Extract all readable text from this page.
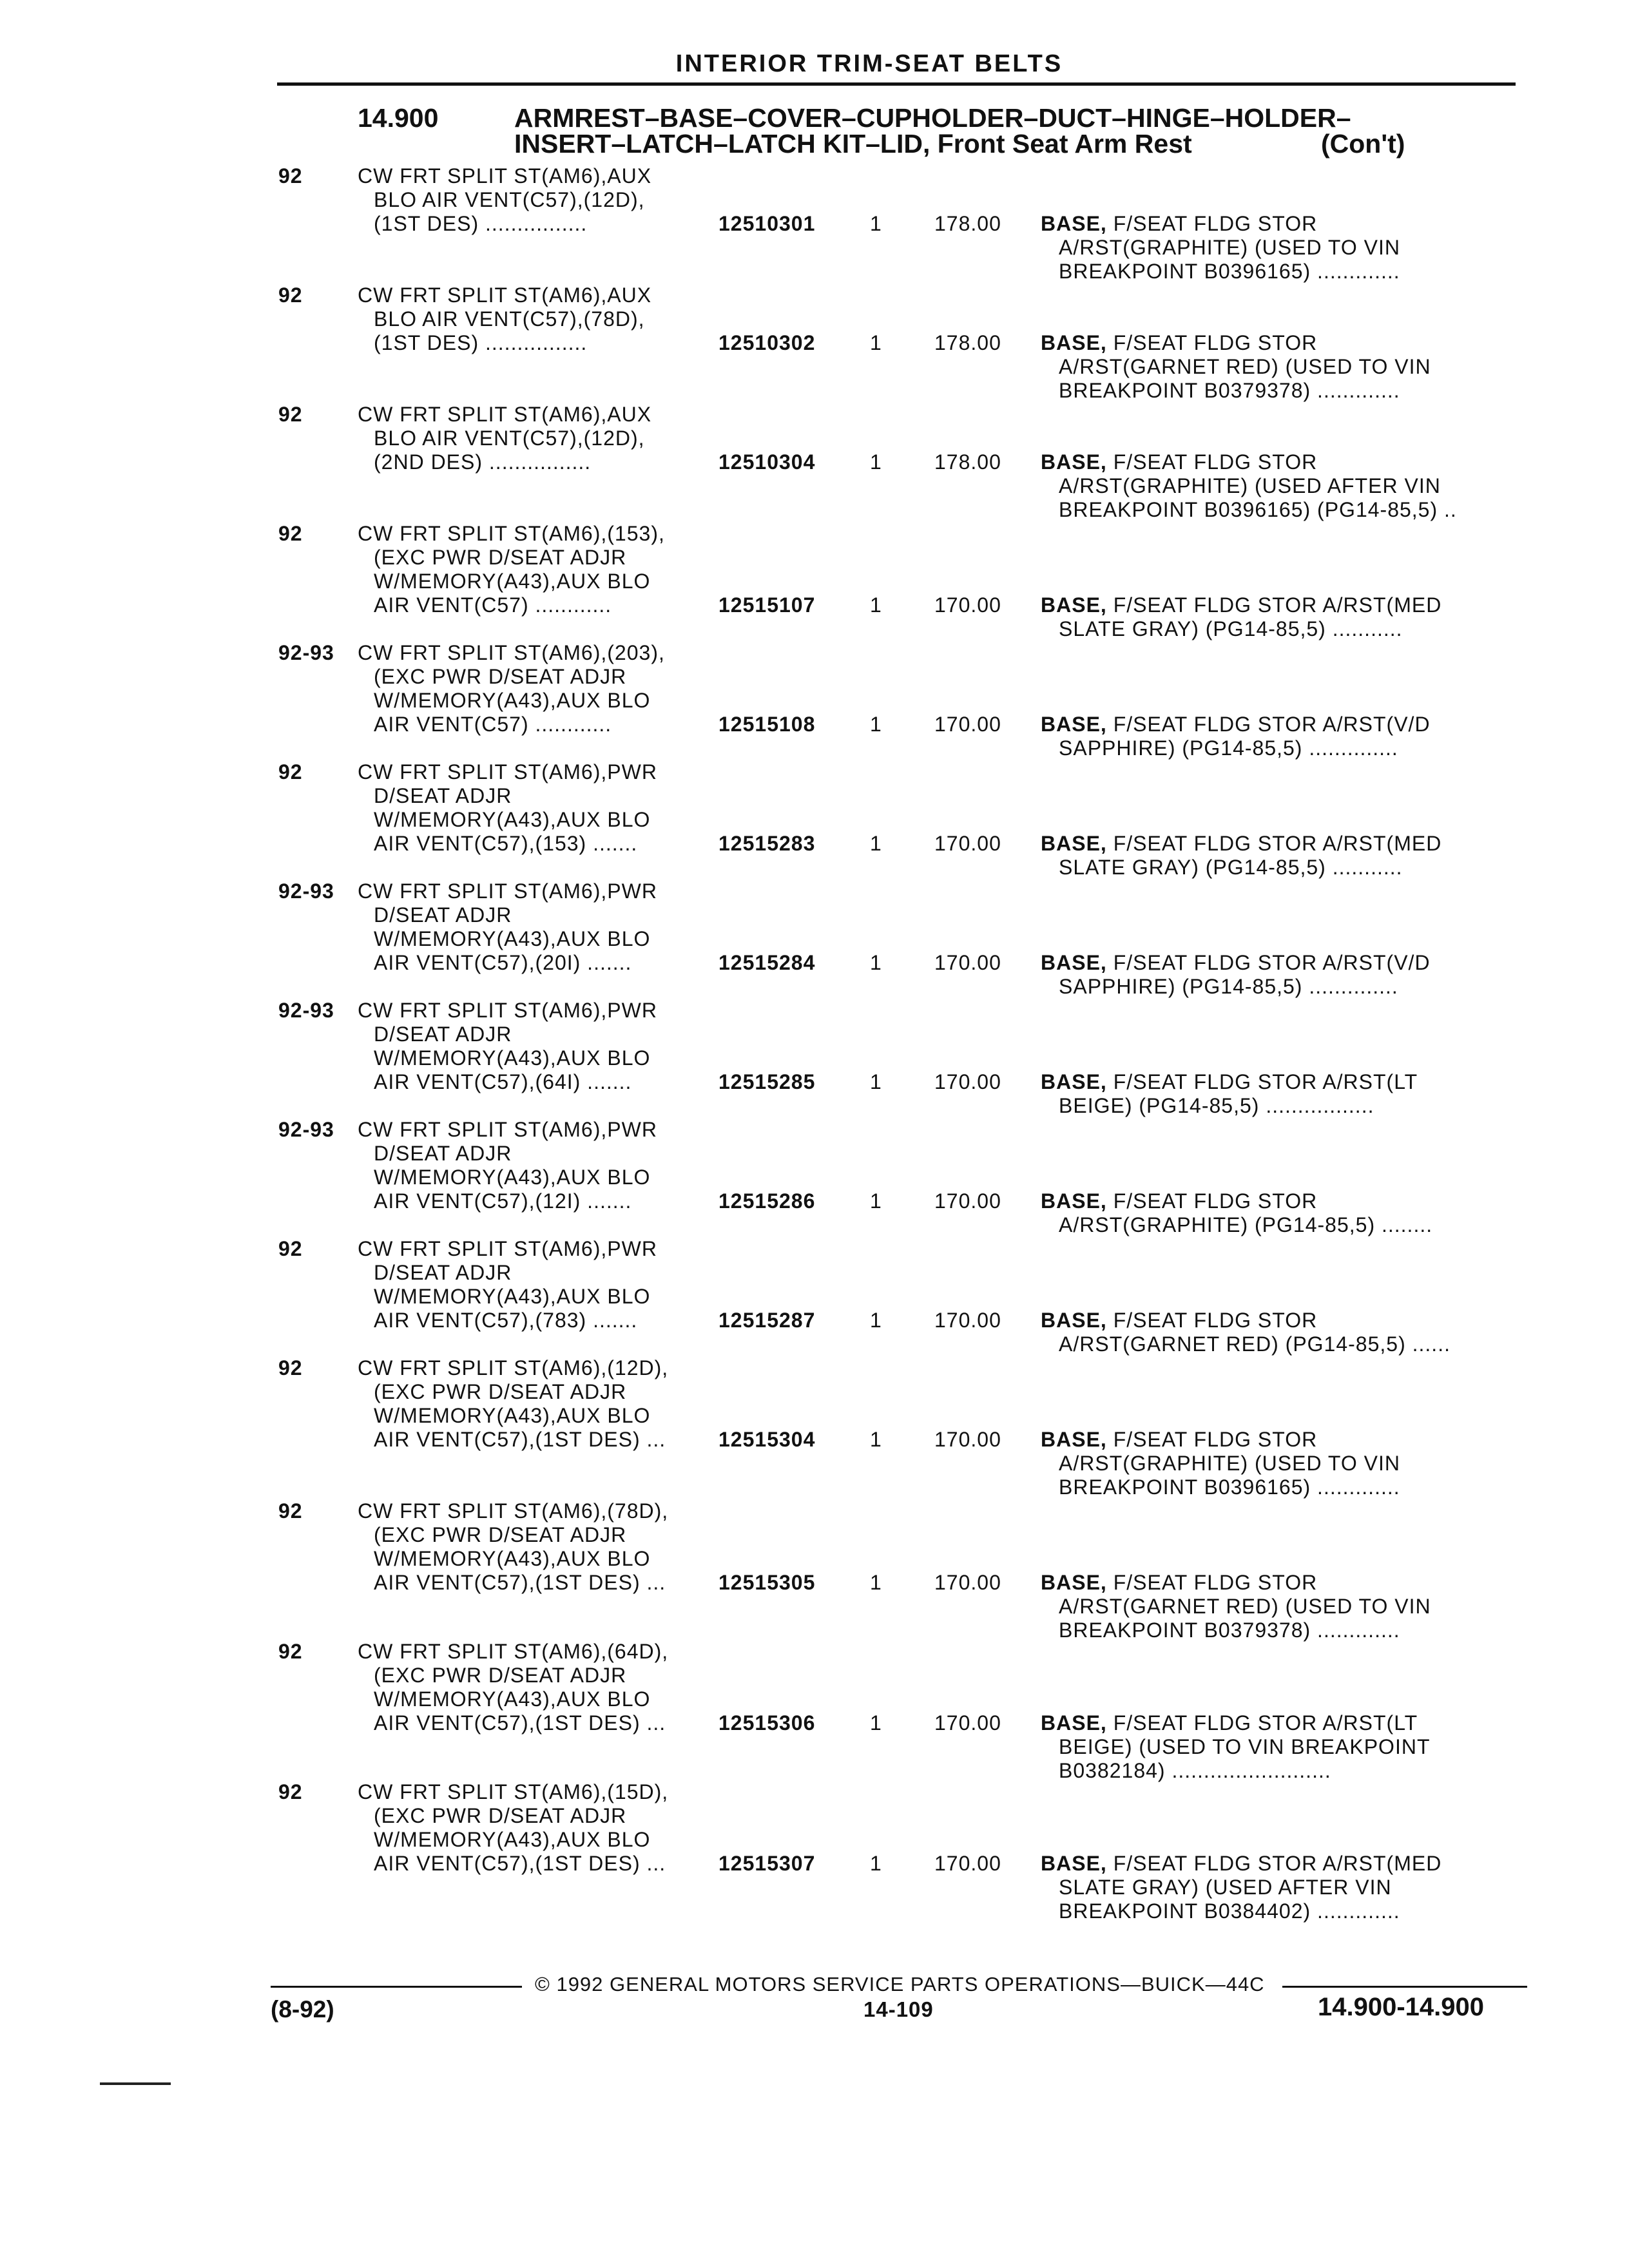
INTERIOR TRIM-SEAT BELTS
14.900	ARMREST–BASE–COVER–CUPHOLDER–DUCT–HINGE–HOLDER–
INSERT–LATCH–LATCH KIT–LID, Front Seat Arm Rest	(Con't)
92	CW FRT SPLIT ST(AM6),AUX
BLO AIR VENT(C57),(12D),
(1ST DES) ................	12510301	1	178.00 BASE, F/SEAT FLDG STOR
A/RST(GRAPHITE) (USED TO VIN
BREAKPOINT B0396165) .............
92	CW FRT SPLIT ST(AM6),AUX
BLO AIR VENT(C57),(78D),
(1ST DES) ................	12510302	1	178.00 BASE, F/SEAT FLDG STOR
A/RST(GARNET RED) (USED TO VIN
BREAKPOINT B0379378) .............
92	CW FRT SPLIT ST(AM6),AUX
BLO AIR VENT(C57),(12D),
(2ND DES) ................	12510304	1	178.00 BASE, F/SEAT FLDG STOR
A/RST(GRAPHITE) (USED AFTER VIN
BREAKPOINT B0396165) (PG14-85,5) ..
92	CW FRT SPLIT ST(AM6),(153),
(EXC PWR D/SEAT ADJR
W/MEMORY(A43),AUX BLO
AIR VENT(C57) ............	12515107	1	170.00 BASE, F/SEAT FLDG STOR A/RST(MED
SLATE GRAY) (PG14-85,5) ...........
92-93 CW FRT SPLIT ST(AM6),(203),
(EXC PWR D/SEAT ADJR
W/MEMORY(A43),AUX BLO
AIR VENT(C57) ............	12515108	1	170.00 BASE, F/SEAT FLDG STOR A/RST(V/D
SAPPHIRE) (PG14-85,5) ..............
92	CW FRT SPLIT ST(AM6),PWR
D/SEAT ADJR
W/MEMORY(A43),AUX BLO
AIR VENT(C57),(153) .......	12515283	1	170.00 BASE, F/SEAT FLDG STOR A/RST(MED
SLATE GRAY) (PG14-85,5) ...........
92-93 CW FRT SPLIT ST(AM6),PWR
D/SEAT ADJR
W/MEMORY(A43),AUX BLO
AIR VENT(C57),(20I) .......	12515284	1	170.00 BASE, F/SEAT FLDG STOR A/RST(V/D
SAPPHIRE) (PG14-85,5) ..............
92-93 CW FRT SPLIT ST(AM6),PWR
D/SEAT ADJR
W/MEMORY(A43),AUX BLO
AIR VENT(C57),(64I) .......	12515285	1	170.00 BASE, F/SEAT FLDG STOR A/RST(LT
BEIGE) (PG14-85,5) .................
92-93 CW FRT SPLIT ST(AM6),PWR
D/SEAT ADJR
W/MEMORY(A43),AUX BLO
AIR VENT(C57),(12I) .......	12515286	1	170.00 BASE, F/SEAT FLDG STOR
A/RST(GRAPHITE) (PG14-85,5) ........
92	CW FRT SPLIT ST(AM6),PWR
D/SEAT ADJR
W/MEMORY(A43),AUX BLO
AIR VENT(C57),(783) .......	12515287	1	170.00 BASE, F/SEAT FLDG STOR
A/RST(GARNET RED) (PG14-85,5) ......
92	CW FRT SPLIT ST(AM6),(12D),
(EXC PWR D/SEAT ADJR
W/MEMORY(A43),AUX BLO
AIR VENT(C57),(1ST DES) ...	12515304	1	170.00 BASE, F/SEAT FLDG STOR
A/RST(GRAPHITE) (USED TO VIN
BREAKPOINT B0396165) .............
92	CW FRT SPLIT ST(AM6),(78D),
(EXC PWR D/SEAT ADJR
W/MEMORY(A43),AUX BLO
AIR VENT(C57),(1ST DES) ...	12515305	1	170.00 BASE, F/SEAT FLDG STOR
A/RST(GARNET RED) (USED TO VIN
BREAKPOINT B0379378) .............
92	CW FRT SPLIT ST(AM6),(64D),
(EXC PWR D/SEAT ADJR
W/MEMORY(A43),AUX BLO
AIR VENT(C57),(1ST DES) ...	12515306	1	170.00 BASE, F/SEAT FLDG STOR A/RST(LT
BEIGE) (USED TO VIN BREAKPOINT
B0382184) .........................
92	CW FRT SPLIT ST(AM6),(15D),
(EXC PWR D/SEAT ADJR
W/MEMORY(A43),AUX BLO
AIR VENT(C57),(1ST DES) ...	12515307	1	170.00 BASE, F/SEAT FLDG STOR A/RST(MED
SLATE GRAY) (USED AFTER VIN
BREAKPOINT B0384402) .............
© 1992 GENERAL MOTORS SERVICE PARTS OPERATIONS—BUICK—44C
(8-92)	14-109	14.900-14.900
